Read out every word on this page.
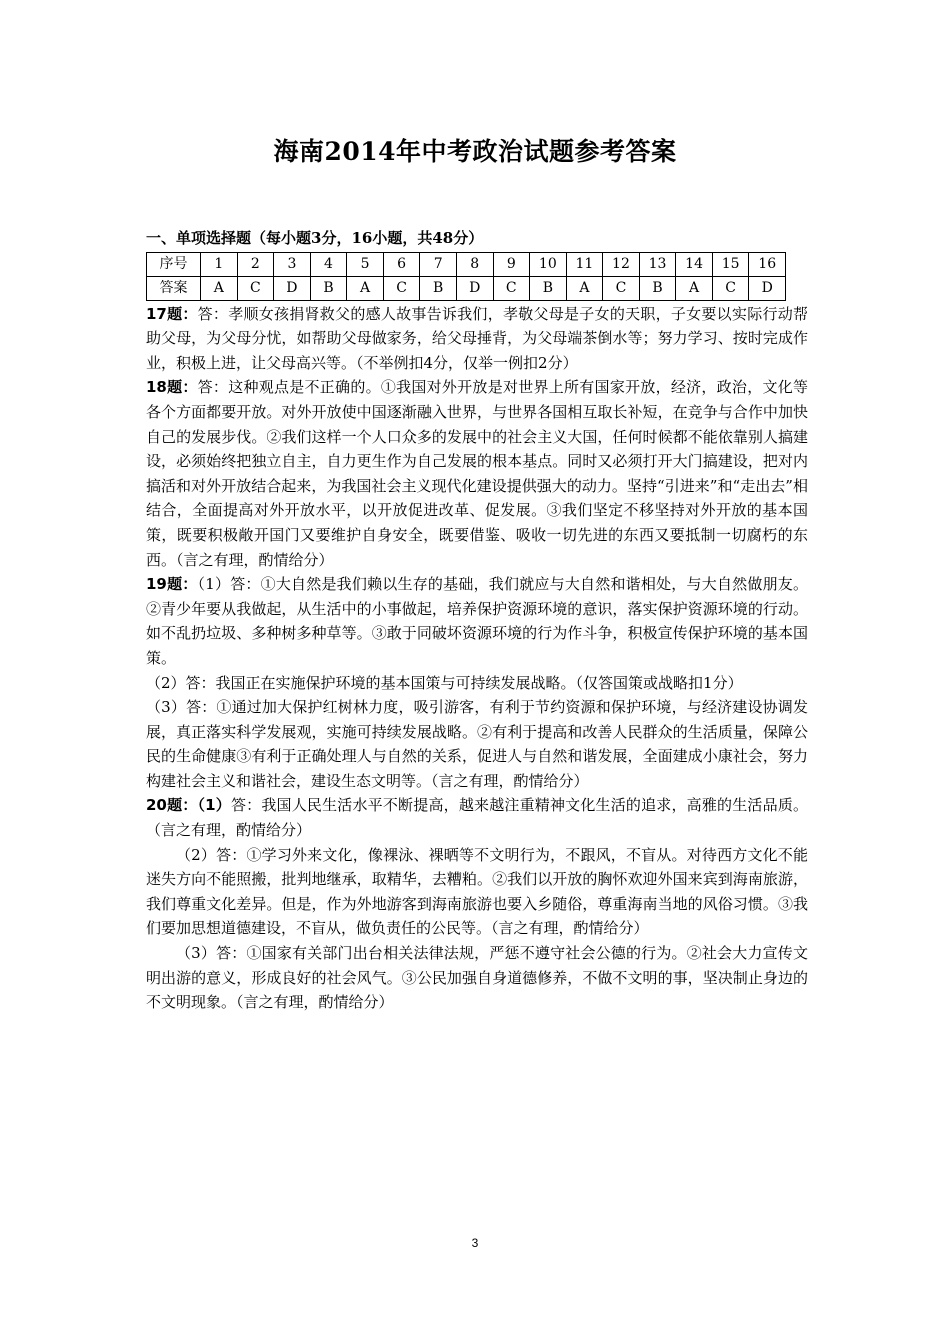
海南2014年中考政治试题参考答案
一、单项选择题（每小题3分，16小题，共48分）
序号	1	2	3	4	5	6	7	8	9	10	11	12	13	14	15	16
答案	A	C	D	B	A	C	B	D	C	B	A	C	B	A	C	D

17题：答：孝顺女孩捐肾救父的感人故事告诉我们，孝敬父母是子女的天职，子女要以实际行动帮助父母，为父母分忧，如帮助父母做家务，给父母捶背，为父母端茶倒水等；努力学习、按时完成作业，积极上进，让父母高兴等。（不举例扣4分，仅举一例扣2分）

18题：答：这种观点是不正确的。①我国对外开放是对世界上所有国家开放，经济，政治，文化等各个方面都要开放。对外开放使中国逐渐融入世界，与世界各国相互取长补短，在竞争与合作中加快自己的发展步伐。②我们这样一个人口众多的发展中的社会主义大国，任何时候都不能依靠别人搞建设，必须始终把独立自主，自力更生作为自己发展的根本基点。同时又必须打开大门搞建设，把对内搞活和对外开放结合起来，为我国社会主义现代化建设提供强大的动力。坚持“引进来”和“走出去”相结合，全面提高对外开放水平，以开放促进改革、促发展。③我们坚定不移坚持对外开放的基本国策，既要积极敞开国门又要维护自身安全，既要借鉴、吸收一切先进的东西又要抵制一切腐朽的东西。（言之有理，酌情给分）

19题：（1）答：①大自然是我们赖以生存的基础，我们就应与大自然和谐相处，与大自然做朋友。②青少年要从我做起，从生活中的小事做起，培养保护资源环境的意识，落实保护资源环境的行动。如不乱扔垃圾、多种树多种草等。③敢于同破坏资源环境的行为作斗争，积极宣传保护环境的基本国策。

（2）答：我国正在实施保护环境的基本国策与可持续发展战略。（仅答国策或战略扣1分）

（3）答：①通过加大保护红树林力度，吸引游客，有利于节约资源和保护环境，与经济建设协调发展，真正落实科学发展观，实施可持续发展战略。②有利于提高和改善人民群众的生活质量，保障公民的生命健康③有利于正确处理人与自然的关系，促进人与自然和谐发展，全面建成小康社会，努力构建社会主义和谐社会，建设生态文明等。（言之有理，酌情给分）

20题：（1）答：我国人民生活水平不断提高，越来越注重精神文化生活的追求，高雅的生活品质。（言之有理，酌情给分）

（2）答：①学习外来文化，像裸泳、裸晒等不文明行为，不跟风，不盲从。对待西方文化不能迷失方向不能照搬，批判地继承，取精华，去糟粕。②我们以开放的胸怀欢迎外国来宾到海南旅游，我们尊重文化差异。但是，作为外地游客到海南旅游也要入乡随俗，尊重海南当地的风俗习惯。③我们要加思想道德建设，不盲从，做负责任的公民等。（言之有理，酌情给分）

（3）答：①国家有关部门出台相关法律法规，严惩不遵守社会公德的行为。②社会大力宣传文明出游的意义，形成良好的社会风气。③公民加强自身道德修养，不做不文明的事，坚决制止身边的不文明现象。（言之有理，酌情给分）

3
